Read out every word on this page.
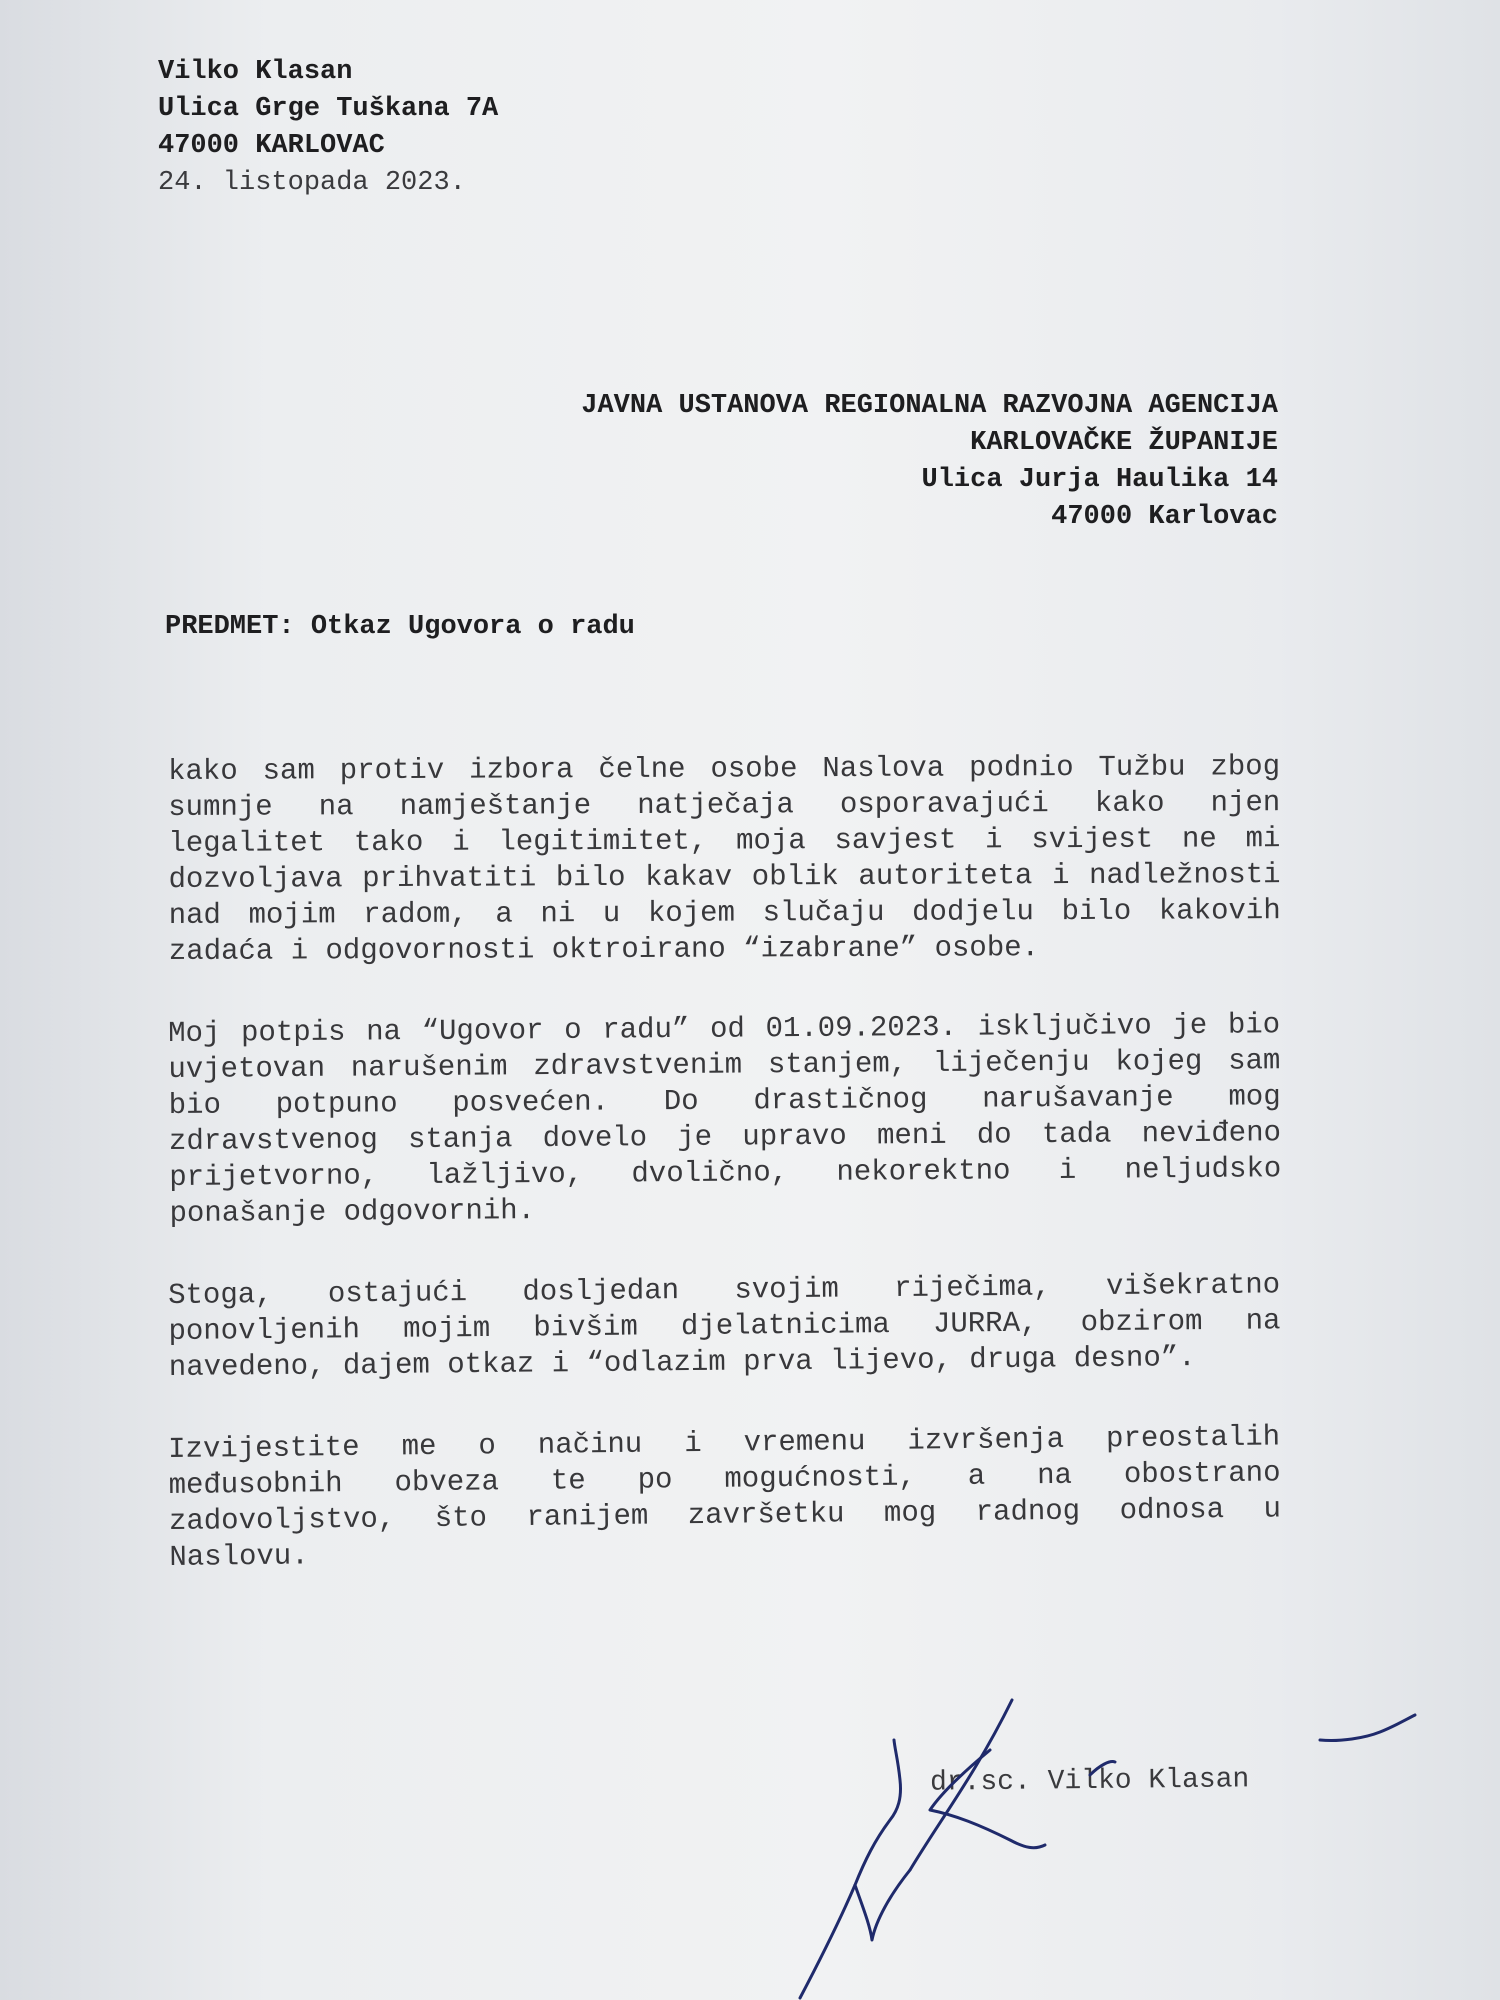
Vilko Klasan
Ulica Grge Tuškana 7A
47000 KARLOVAC
24. listopada 2023.
JAVNA USTANOVA REGIONALNA RAZVOJNA AGENCIJA
KARLOVAČKE ŽUPANIJE
Ulica Jurja Haulika 14
47000 Karlovac
PREDMET: Otkaz Ugovora o radu

kako sam protiv izbora čelne osobe Naslova podnio Tužbu zbog sumnje na namještanje natječaja osporavajući kako njen legalitet tako i legitimitet, moja savjest i svijest ne mi dozvoljava prihvatiti bilo kakav oblik autoriteta i nadležnosti nad mojim radom, a ni u kojem slučaju dodjelu bilo kakovih zadaća i odgovornosti oktroirano “izabrane” osobe.

Moj potpis na “Ugovor o radu” od 01.09.2023. isključivo je bio uvjetovan narušenim zdravstvenim stanjem, liječenju kojeg sam bio potpuno posvećen. Do drastičnog narušavanje mog zdravstvenog stanja dovelo je upravo meni do tada neviđeno prijetvorno, lažljivo, dvolično, nekorektno i neljudsko ponašanje odgovornih.

Stoga, ostajući dosljedan svojim riječima, višekratno ponovljenih mojim bivšim djelatnicima JURRA, obzirom na navedeno, dajem otkaz i “odlazim prva lijevo, druga desno”.

Izvijestite me o načinu i vremenu izvršenja preostalih međusobnih obveza te po mogućnosti, a na obostrano zadovoljstvo, što ranijem završetku mog radnog odnosa u Naslovu.

dr.sc. Vilko Klasan
